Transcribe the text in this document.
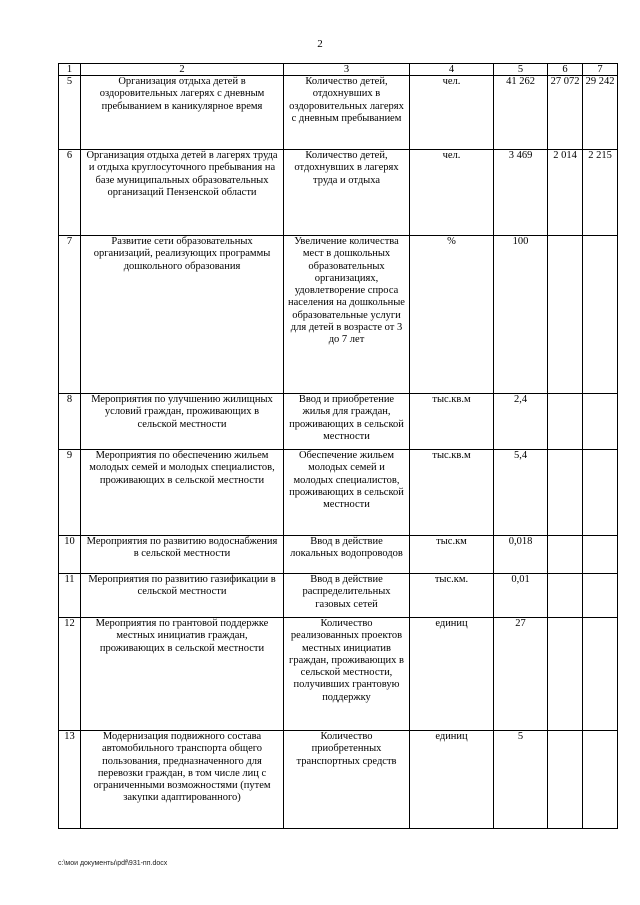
2
1	2	3	4	5	6	7
5	Организация отдыха детей в оздоровительных лагерях с дневным пребыванием в каникулярное время	Количество детей, отдохнувших в оздоровительных лагерях с дневным пребыванием	чел.	41 262	27 072	29 242
6	Организация отдыха детей в лагерях труда и отдыха круглосуточного пребывания на базе муниципальных образовательных организаций Пензенской области	Количество детей, отдохнувших в лагерях труда и отдыха	чел.	3 469	2 014	2 215
7	Развитие сети образовательных организаций, реализующих программы дошкольного образования	Увеличение количества мест в дошкольных образовательных организациях, удовлетворение спроса населения на дошкольные образовательные услуги для детей в возрасте от 3 до 7 лет	%	100		
8	Мероприятия по улучшению жилищных условий граждан, проживающих в сельской местности	Ввод и приобретение жилья для граждан, проживающих в сельской местности	тыс.кв.м	2,4		
9	Мероприятия по обеспечению жильем молодых семей и молодых специалистов, проживающих в сельской местности	Обеспечение жильем молодых семей и молодых специалистов, проживающих в сельской местности	тыс.кв.м	5,4		
10	Мероприятия по развитию водоснабжения в сельской местности	Ввод в действие локальных водопроводов	тыс.км	0,018		
11	Мероприятия по развитию газификации в сельской местности	Ввод в действие распределительных газовых сетей	тыс.км.	0,01		
12	Мероприятия по грантовой поддержке местных инициатив граждан, проживающих в сельской местности	Количество реализованных проектов местных инициатив граждан, проживающих в сельской местности, получивших грантовую поддержку	единиц	27		
13	Модернизация подвижного состава автомобильного транспорта общего пользования, предназначенного для перевозки граждан, в том числе лиц с ограниченными возможностями (путем закупки адаптированного)	Количество приобретенных транспортных средств	единиц	5		
c:\мои документы\pdf\931-пп.docx
